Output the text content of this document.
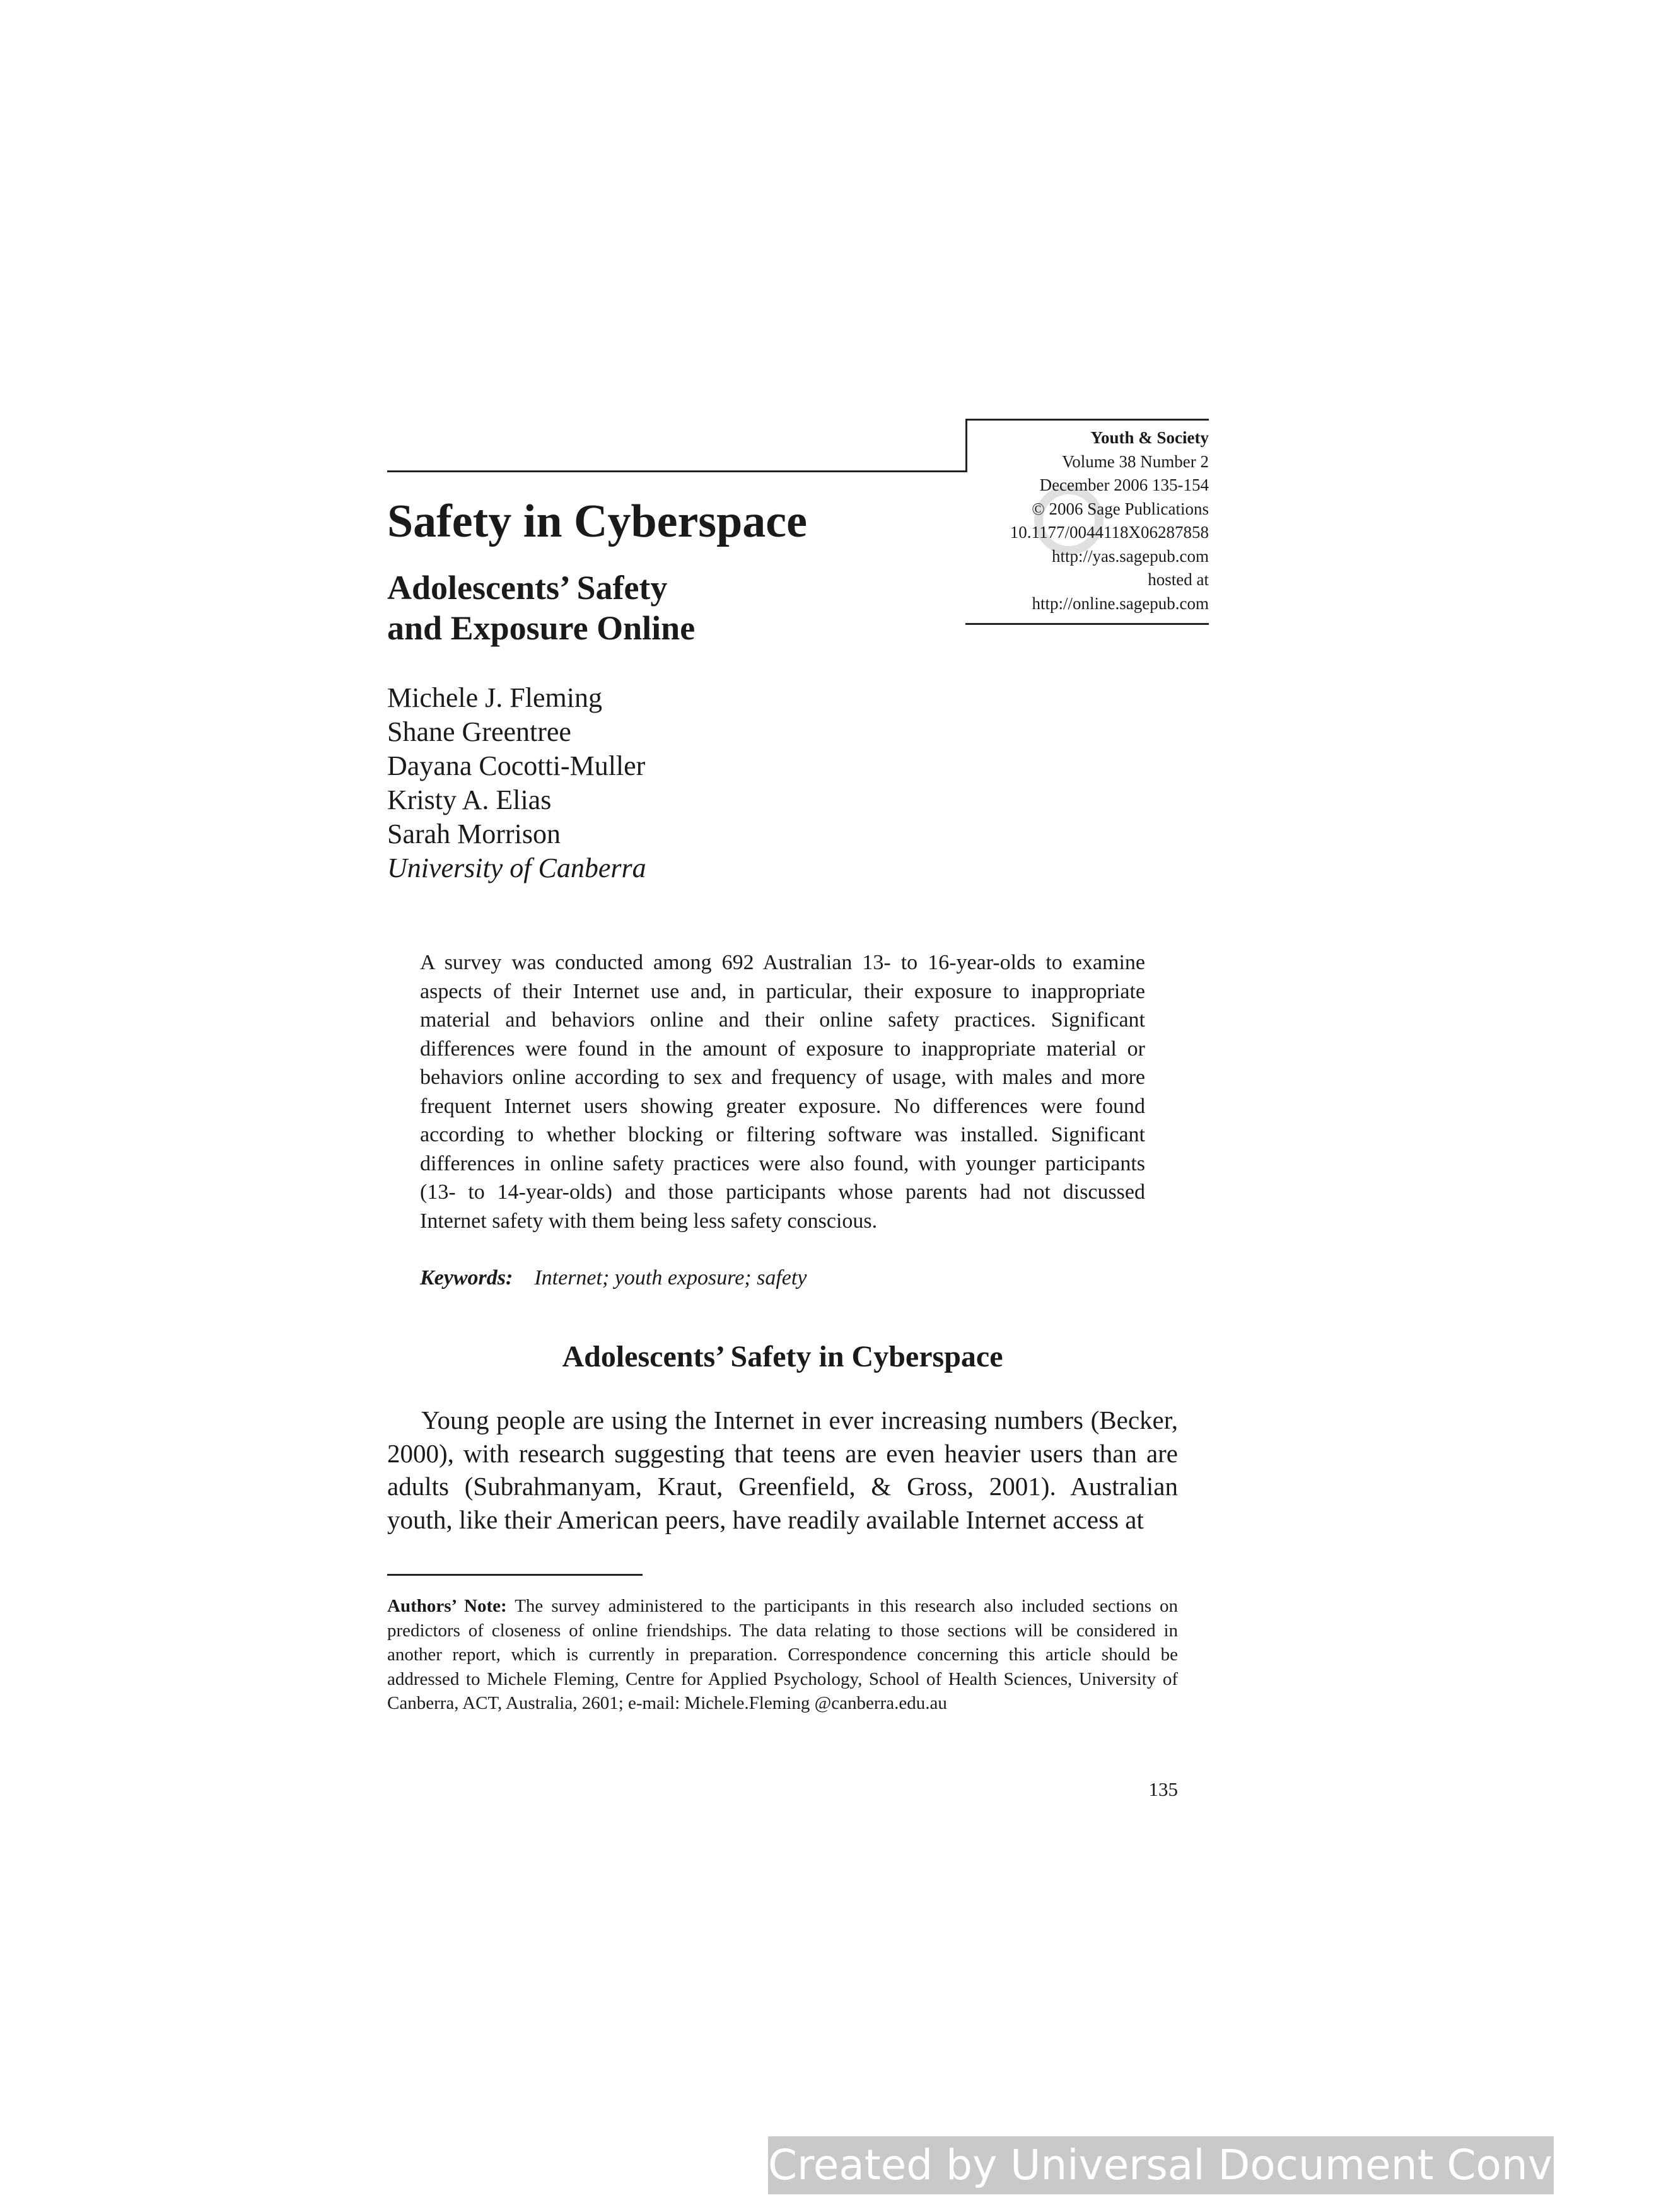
Youth & Society
Volume 38 Number 2
December 2006 135-154
© 2006 Sage Publications
10.1177/0044118X06287858
http://yas.sagepub.com
hosted at
http://online.sagepub.com
Safety in Cyberspace
Adolescents’ Safety
and Exposure Online
Michele J. Fleming
Shane Greentree
Dayana Cocotti-Muller
Kristy A. Elias
Sarah Morrison
University of Canberra
A survey was conducted among 692 Australian 13- to 16-year-olds to examine aspects of their Internet use and, in particular, their exposure to inappropriate material and behaviors online and their online safety practices. Significant differences were found in the amount of exposure to inappropriate material or behaviors online according to sex and frequency of usage, with males and more frequent Internet users showing greater exposure. No differences were found according to whether blocking or filtering software was installed. Significant differences in online safety practices were also found, with younger participants (13- to 14-year-olds) and those participants whose parents had not discussed Internet safety with them being less safety conscious.
Keywords: Internet; youth exposure; safety
Adolescents’ Safety in Cyberspace
Young people are using the Internet in ever increasing numbers (Becker, 2000), with research suggesting that teens are even heavier users than are adults (Subrahmanyam, Kraut, Greenfield, & Gross, 2001). Australian youth, like their American peers, have readily available Internet access at
Authors’ Note: The survey administered to the participants in this research also included sections on predictors of closeness of online friendships. The data relating to those sections will be considered in another report, which is currently in preparation. Correspondence concerning this article should be addressed to Michele Fleming, Centre for Applied Psychology, School of Health Sciences, University of Canberra, ACT, Australia, 2601; e-mail: Michele.Fleming @canberra.edu.au
135
Created by Universal Document Converter
